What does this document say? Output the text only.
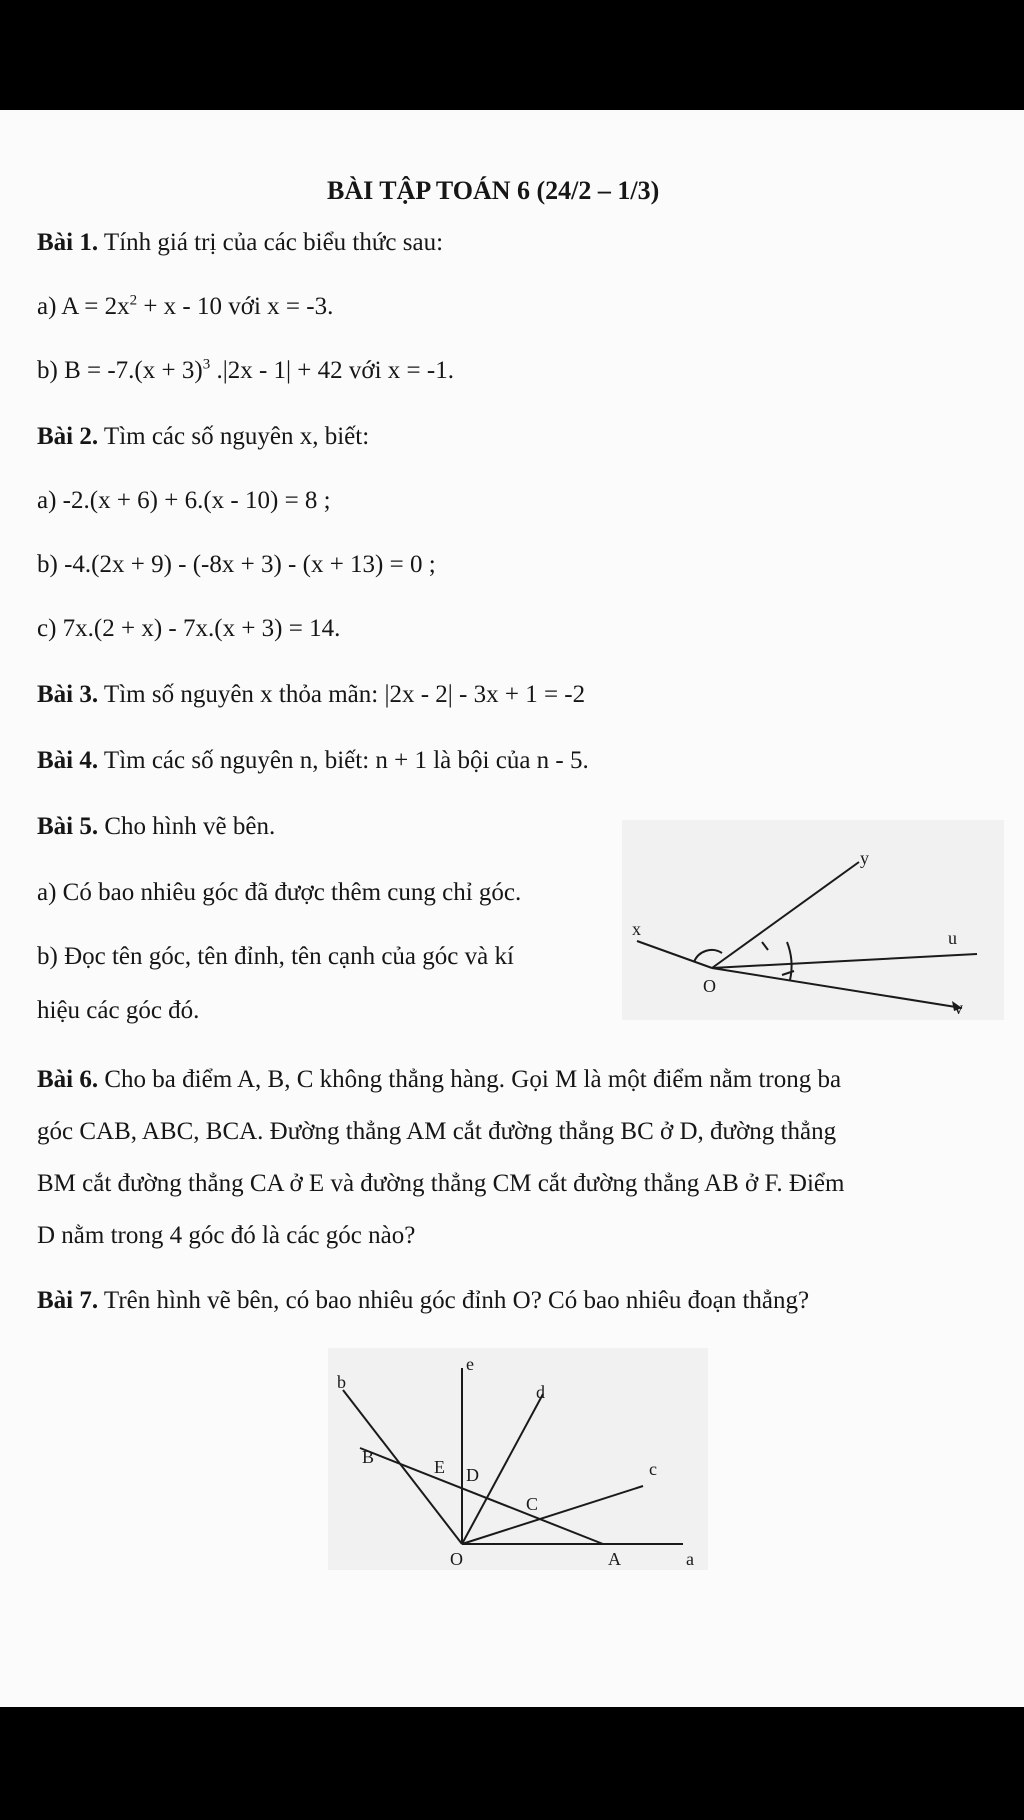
BÀI TẬP TOÁN 6 (24/2 – 1/3)
Bài 1. Tính giá trị của các biểu thức sau:
a) $A = 2x^2 + x - 10$ với x = -3.
b) $B = -7.(x + 3)^3$ .|2x - 1| + 42 với x = -1.
Bài 2. Tìm các số nguyên x, biết:
a) -2.(x + 6) + 6.(x - 10) = 8 ;
b) -4.(2x + 9) - (-8x + 3) - (x + 13) = 0 ;
c) 7x.(2 + x) - 7x.(x + 3) = 14.
Bài 3. Tìm số nguyên x thỏa mãn: |2x - 2| - 3x + 1 = -2
Bài 4. Tìm các số nguyên n, biết: n + 1 là bội của n - 5.
Bài 5. Cho hình vẽ bên.
a) Có bao nhiêu góc đã được thêm cung chỉ góc.
b) Đọc tên góc, tên đỉnh, tên cạnh của góc và kí
hiệu các góc đó.
y
x	u
O
v
Bài 6. Cho ba điểm A, B, C không thẳng hàng. Gọi M là một điểm nằm trong ba
góc CAB, ABC, BCA. Đường thẳng AM cắt đường thẳng BC ở D, đường thẳng
BM cắt đường thẳng CA ở E và đường thẳng CM cắt đường thẳng AB ở F. Điểm
D nằm trong 4 góc đó là các góc nào?
Bài 7. Trên hình vẽ bên, có bao nhiêu góc đỉnh O? Có bao nhiêu đoạn thẳng?
e
b	d
B	E D	c
C
O	A	a
